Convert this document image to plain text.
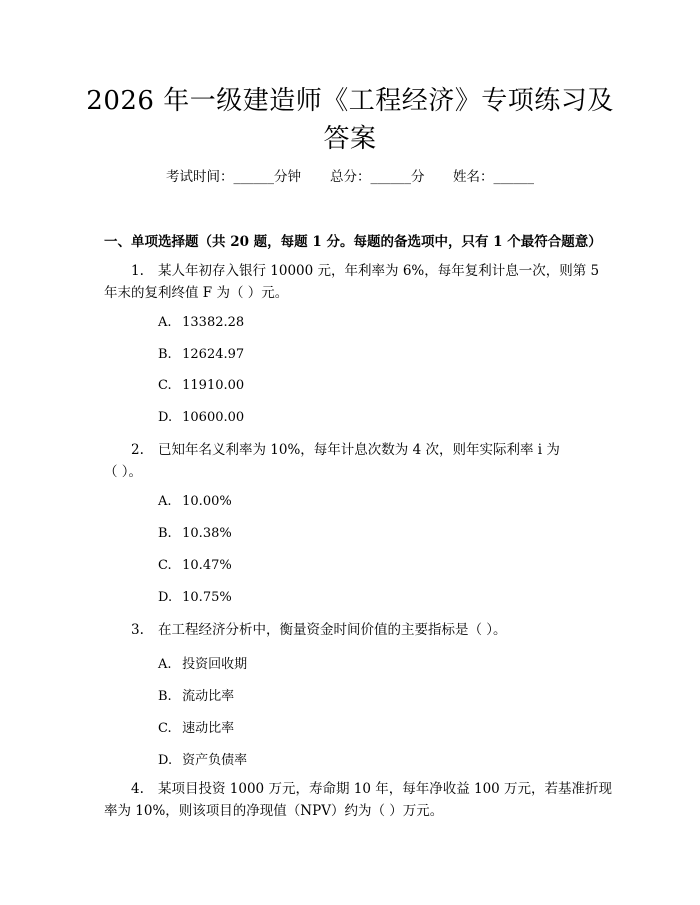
2026 年一级建造师《工程经济》专项练习及
答案
考试时间：______分钟 总分：______分 姓名：______
一、单项选择题（共 20 题，每题 1 分。每题的备选项中，只有 1 个最符合题意）
1. 某人年初存入银行 10000 元，年利率为 6%，每年复利计息一次，则第 5
年末的复利终值 F 为（ ）元。
A. 13382.28
B. 12624.97
C. 11910.00
D. 10600.00
2. 已知年名义利率为 10%，每年计息次数为 4 次，则年实际利率 i 为
（ ）。
A. 10.00%
B. 10.38%
C. 10.47%
D. 10.75%
3. 在工程经济分析中，衡量资金时间价值的主要指标是（ ）。
A. 投资回收期
B. 流动比率
C. 速动比率
D. 资产负债率
4. 某项目投资 1000 万元，寿命期 10 年，每年净收益 100 万元，若基准折现
率为 10%，则该项目的净现值（NPV）约为（ ）万元。
